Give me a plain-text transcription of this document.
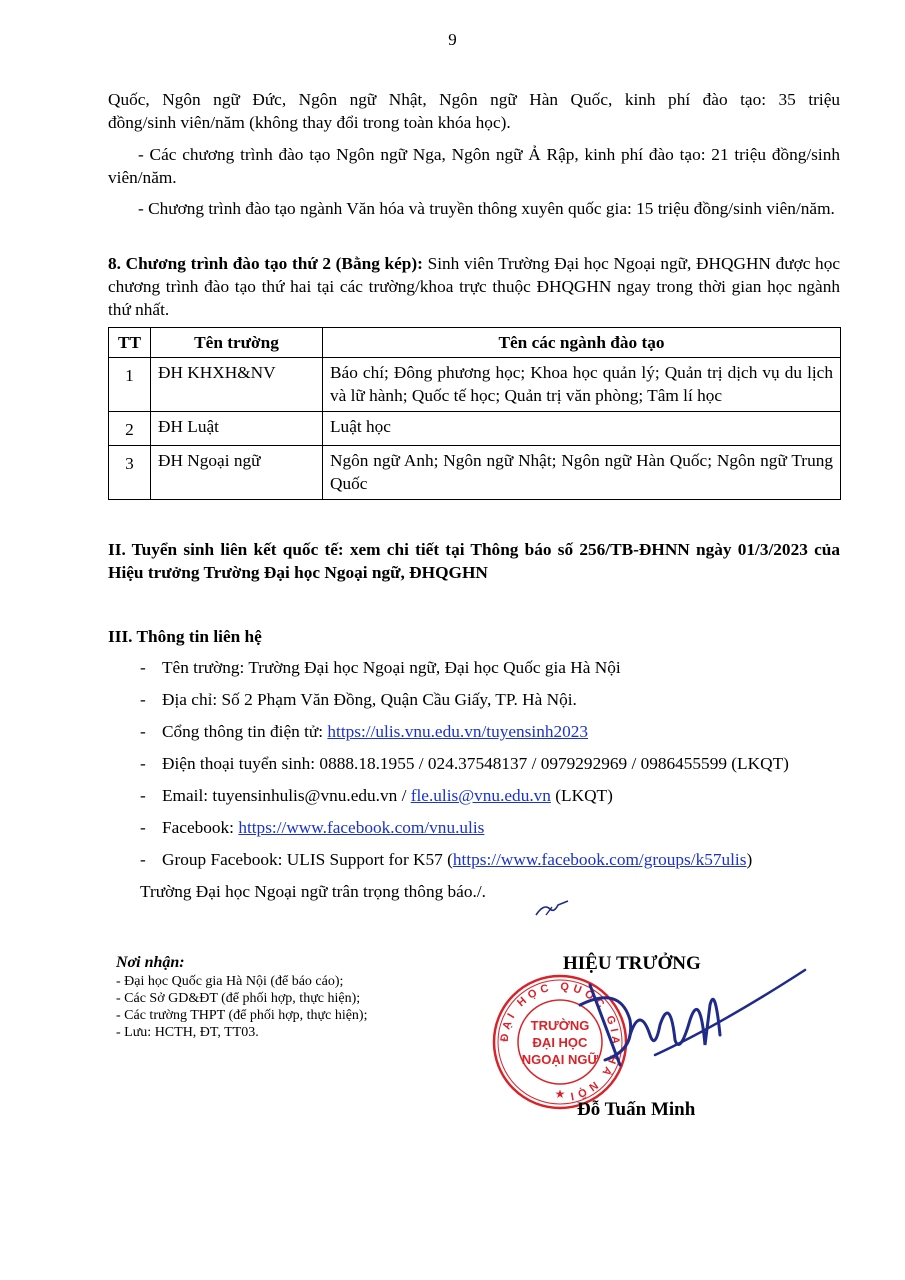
9
Quốc, Ngôn ngữ Đức, Ngôn ngữ Nhật, Ngôn ngữ Hàn Quốc, kinh phí đào tạo: 35 triệu
đồng/sinh viên/năm (không thay đổi trong toàn khóa học).
- Các chương trình đào tạo Ngôn ngữ Nga, Ngôn ngữ Ả Rập, kinh phí đào tạo: 21 triệu đồng/sinh viên/năm.
- Chương trình đào tạo ngành Văn hóa và truyền thông xuyên quốc gia: 15 triệu đồng/sinh viên/năm.
8. Chương trình đào tạo thứ 2 (Bằng kép): Sinh viên Trường Đại học Ngoại ngữ, ĐHQGHN được học chương trình đào tạo thứ hai tại các trường/khoa trực thuộc ĐHQGHN ngay trong thời gian học ngành thứ nhất.
TT	Tên trường	Tên các ngành đào tạo
1	ĐH KHXH&NV	Báo chí; Đông phương học; Khoa học quản lý; Quản trị dịch vụ du lịch và lữ hành; Quốc tế học; Quản trị văn phòng; Tâm lí học
2	ĐH Luật	Luật học
3	ĐH Ngoại ngữ	Ngôn ngữ Anh; Ngôn ngữ Nhật; Ngôn ngữ Hàn Quốc; Ngôn ngữ Trung Quốc
II. Tuyển sinh liên kết quốc tế: xem chi tiết tại Thông báo số 256/TB-ĐHNN ngày 01/3/2023 của Hiệu trưởng Trường Đại học Ngoại ngữ, ĐHQGHN
III. Thông tin liên hệ
- Tên trường: Trường Đại học Ngoại ngữ, Đại học Quốc gia Hà Nội
- Địa chỉ: Số 2 Phạm Văn Đồng, Quận Cầu Giấy, TP. Hà Nội.
- Cổng thông tin điện tử: https://ulis.vnu.edu.vn/tuyensinh2023
- Điện thoại tuyển sinh: 0888.18.1955 / 024.37548137 / 0979292969 / 0986455599 (LKQT)
- Email: tuyensinhulis@vnu.edu.vn / fle.ulis@vnu.edu.vn (LKQT)
- Facebook: https://www.facebook.com/vnu.ulis
- Group Facebook: ULIS Support for K57 (https://www.facebook.com/groups/k57ulis)
Trường Đại học Ngoại ngữ trân trọng thông báo./.
Nơi nhận:
- Đại học Quốc gia Hà Nội (để báo cáo);
- Các Sở GD&ĐT (để phối hợp, thực hiện);
- Các trường THPT (để phối hợp, thực hiện);
- Lưu: HCTH, ĐT, TT03.
HIỆU TRƯỞNG
ĐẠI HỌC QUỐC GIA HÀ NỘI
TRƯỜNG
ĐẠI HỌC
NGOẠI NGỮ
★
Đỗ Tuấn Minh
